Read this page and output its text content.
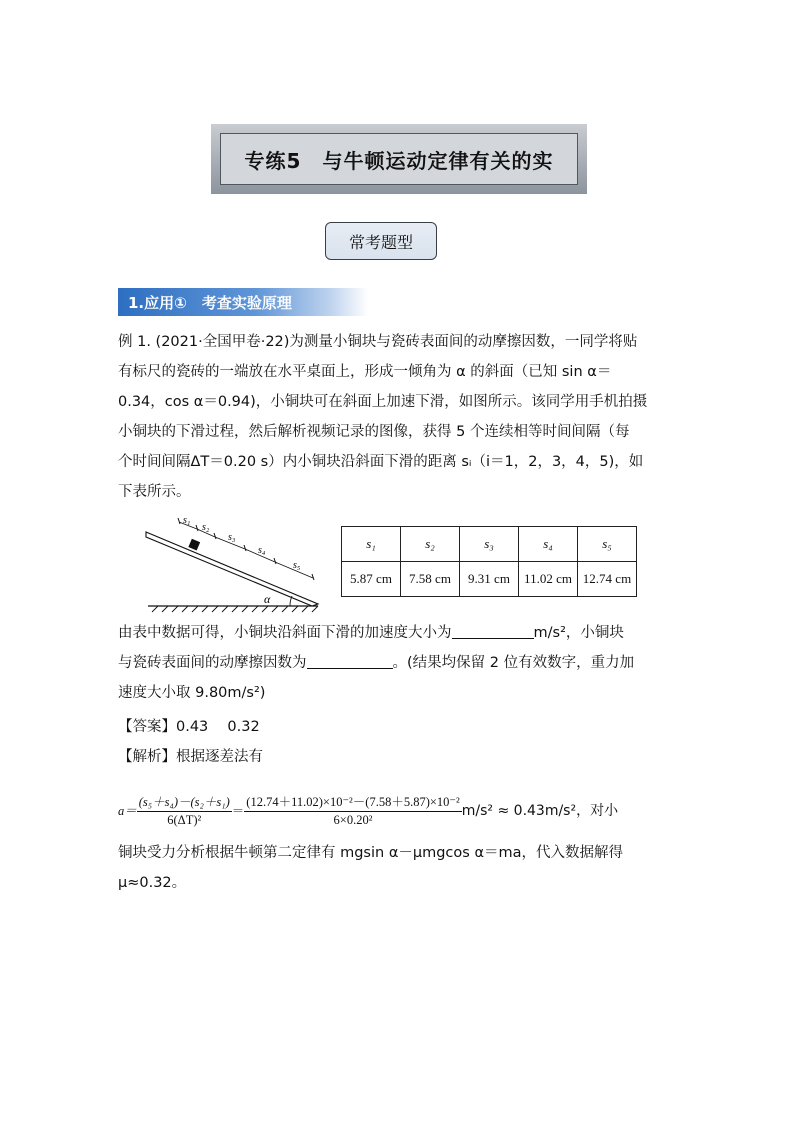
专练5　与牛顿运动定律有关的实
常考题型
1.应用①　考查实验原理
例 1. (2021·全国甲卷·22)为测量小铜块与瓷砖表面间的动摩擦因数，一同学将贴
有标尺的瓷砖的一端放在水平桌面上，形成一倾角为 α 的斜面（已知 sin α＝
0.34，cos α＝0.94)，小铜块可在斜面上加速下滑，如图所示。该同学用手机拍摄
小铜块的下滑过程，然后解析视频记录的图像，获得 5 个连续相等时间间隔（每
个时间间隔ΔT＝0.20 s）内小铜块沿斜面下滑的距离 sᵢ（i＝1，2，3，4，5)，如
下表所示。
s₁
s₂
s₃
s₄
s₅
α
s₁	s₂	s₃	s₄	s₅
5.87 cm	7.58 cm	9.31 cm	11.02 cm	12.74 cm
由表中数据可得，小铜块沿斜面下滑的加速度大小为	m/s²，小铜块
与瓷砖表面间的动摩擦因数为	。(结果均保留 2 位有效数字，重力加
速度大小取 9.80m/s²)
【答案】0.43　 0.32
【解析】根据逐差法有
$a= \frac{\text{(s₅＋s₄)－(s₂＋s₁)}}{\text{6(ΔT)²}} = \frac{\text{(12.74＋11.02)×10⁻²－(7.58＋5.87)×10⁻²}}{\text{6×0.20²}} m/s^2 \approx 0.43m/s^2$，对小
铜块受力分析根据牛顿第二定律有 mgsin α－μmgcos α＝ma，代入数据解得
μ≈0.32。
